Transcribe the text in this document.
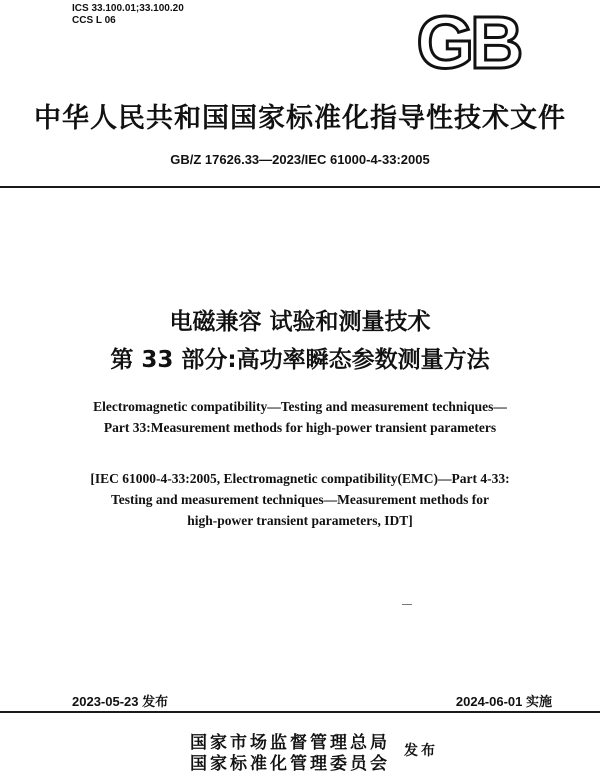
ICS 33.100.01;33.100.20
CCS L 06	GB
中华人民共和国国家标准化指导性技术文件
GB/Z 17626.33—2023/IEC 61000-4-33:2005
电磁兼容 试验和测量技术
第 33 部分:高功率瞬态参数测量方法
Electromagnetic compatibility—Testing and measurement techniques—
Part 33:Measurement methods for high-power transient parameters
[IEC 61000-4-33:2005, Electromagnetic compatibility(EMC)—Part 4-33:
Testing and measurement techniques—Measurement methods for
high-power transient parameters, IDT]
2023-05-23 发布	2024-06-01 实施
国家市场监督管理总局
国家标准化管理委员会
发布
